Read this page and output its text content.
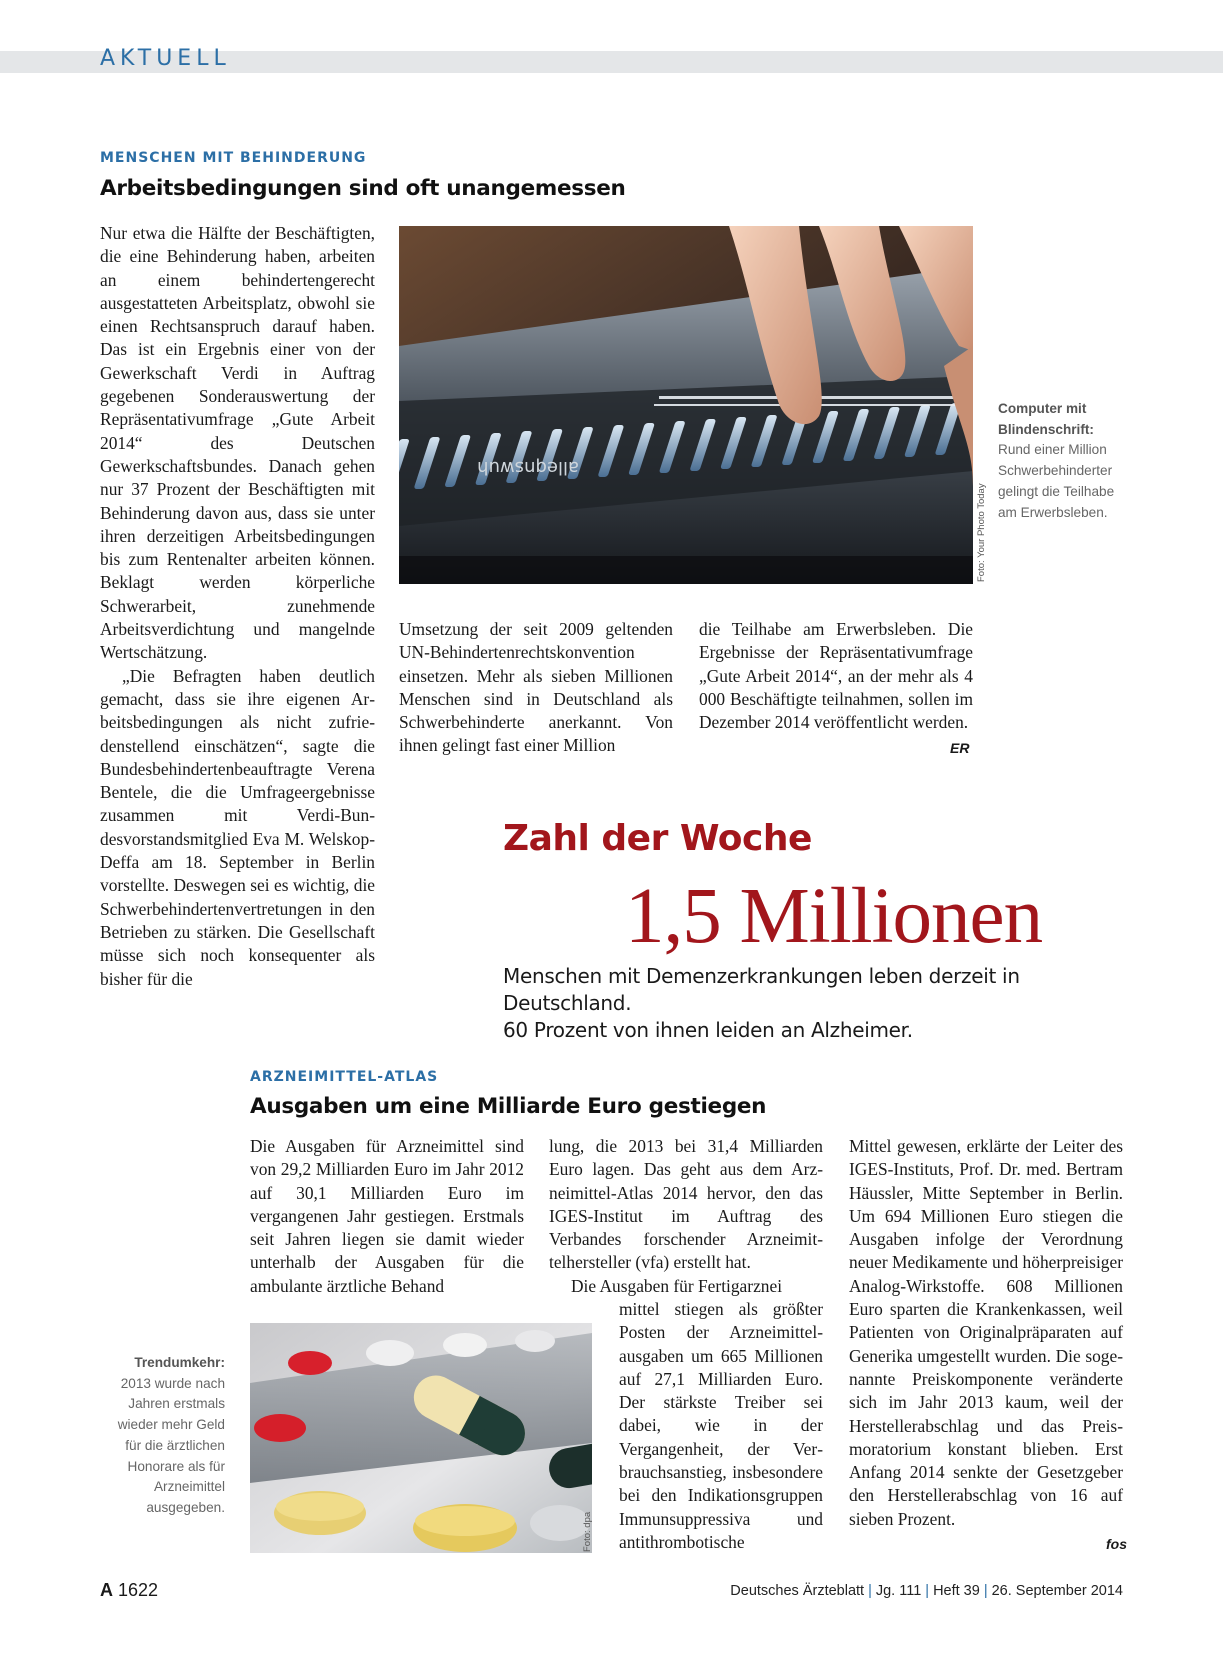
AKTUELL
MENSCHEN MIT BEHINDERUNG
Arbeitsbedingungen sind oft unangemessen

Nur etwa die Hälfte der Beschäftigten, die eine Behinderung haben, arbeiten an einem behindertengerecht ausgestatteten Arbeitsplatz, obwohl sie einen Rechtsanspruch darauf haben. Das ist ein Ergebnis einer von der Gewerkschaft Verdi in Auftrag gegebenen Sonderauswertung der Repräsentativumfrage „Gute Arbeit 2014“ des Deutschen Gewerkschaftsbundes. Danach gehen nur 37 Prozent der Beschäftigten mit Behinderung davon aus, dass sie unter ihren derzeitigen Arbeitsbedingungen bis zum Rentenalter arbeiten können. Beklagt werden körperliche Schwerarbeit, zunehmende Arbeitsverdichtung und mangelnde Wertschätzung.

„Die Befragten haben deutlich gemacht, dass sie ihre eigenen Arbeitsbedingungen als nicht zufriedenstellend einschätzen“, sagte die Bundesbehindertenbeauftragte Verena Bentele, die die Umfrageergebnisse zusammen mit Verdi-Bundesvorstandsmitglied Eva M. Welskop-Deffa am 18. September in Berlin vorstellte. Deswegen sei es wichtig, die Schwerbehindertenvertretungen in den Betrieben zu stärken. Die Gesellschaft müsse sich noch konsequenter als bisher für die

alleqnswuh
Foto: Your Photo Today
Computer mit
Blindenschrift:
Rund einer Million Schwerbehinderter gelingt die Teilhabe am Erwerbsleben.

Umsetzung der seit 2009 geltenden UN-Behindertenrechtskonvention einsetzen. Mehr als sieben Millionen Menschen sind in Deutschland als Schwerbehinderte anerkannt. Von ihnen gelingt fast einer Million

die Teilhabe am Erwerbsleben. Die Ergebnisse der Repräsentativumfrage „Gute Arbeit 2014“, an der mehr als 4 000 Beschäftigte teilnahmen, sollen im Dezember 2014 veröffentlicht werden.

ER
Zahl der Woche
1,5 Millionen
Menschen mit Demenzerkrankungen leben derzeit in Deutschland.
60 Prozent von ihnen leiden an Alzheimer.
ARZNEIMITTEL-ATLAS
Ausgaben um eine Milliarde Euro gestiegen

Die Ausgaben für Arzneimittel sind von 29,2 Milliarden Euro im Jahr 2012 auf 30,1 Milliarden Euro im vergangenen Jahr gestiegen. Erstmals seit Jahren liegen sie damit wieder unterhalb der Ausgaben für die ambulante ärztliche Behand

lung, die 2013 bei 31,4 Milliarden Euro lagen. Das geht aus dem Arzneimittel-Atlas 2014 hervor, den das IGES-Institut im Auftrag des Verbandes forschender Arzneimittelhersteller (vfa) erstellt hat.

Die Ausgaben für Fertigarznei

mittel stiegen als größter Posten der Arzneimittelausgaben um 665 Millionen auf 27,1 Milliarden Euro. Der stärkste Treiber sei dabei, wie in der Vergangenheit, der Verbrauchsanstieg, insbesondere bei den Indikationsgruppen Immunsuppressiva und antithrombotische

Foto: dpa
Trendumkehr:
2013 wurde nach Jahren erstmals wieder mehr Geld für die ärztlichen Honorare als für Arzneimittel ausgegeben.

Mittel gewesen, erklärte der Leiter des IGES-Instituts, Prof. Dr. med. Bertram Häussler, Mitte September in Berlin. Um 694 Millionen Euro stiegen die Ausgaben infolge der Verordnung neuer Medikamente und höherpreisiger Analog-Wirkstoffe. 608 Millionen Euro sparten die Krankenkassen, weil Patienten von Originalpräparaten auf Generika umgestellt wurden. Die sogenannte Preiskomponente veränderte sich im Jahr 2013 kaum, weil der Herstellerabschlag und das Preismoratorium konstant blieben. Erst Anfang 2014 senkte der Gesetzgeber den Herstellerabschlag von 16 auf sieben Prozent.

fos
A 1622	Deutsches Ärzteblatt | Jg. 111 | Heft 39 | 26. September 2014
